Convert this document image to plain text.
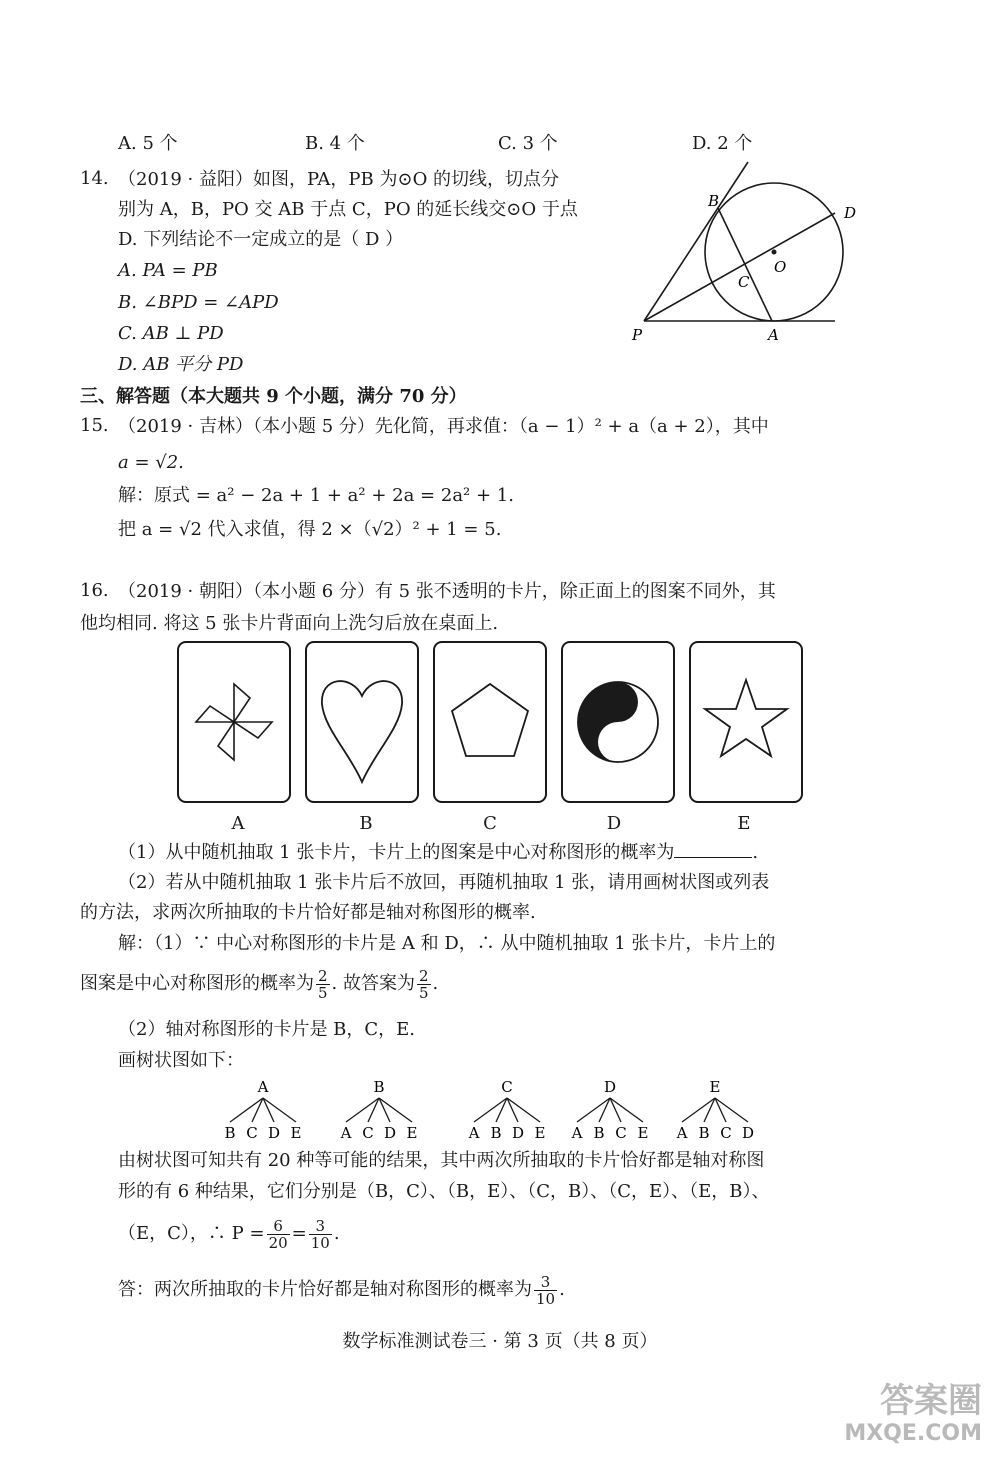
A. 5 个	B. 4 个	C. 3 个	D. 2 个
14. （2019 · 益阳）如图，PA，PB 为⊙O 的切线，切点分
别为 A，B，PO 交 AB 于点 C，PO 的延长线交⊙O 于点
D. 下列结论不一定成立的是（ D ）
A. PA = PB
B. ∠BPD = ∠APD
C. AB ⊥ PD
D. AB 平分 PD
B
D
O
C
P	A
三、解答题（本大题共 9 个小题，满分 70 分）
15. （2019 · 吉林）（本小题 5 分）先化简，再求值：（a − 1）² + a（a + 2），其中
a = √2.
解：原式 = a² − 2a + 1 + a² + 2a = 2a² + 1.
把 a = √2 代入求值，得 2 ×（√2）² + 1 = 5.
16. （2019 · 朝阳）（本小题 6 分）有 5 张不透明的卡片，除正面上的图案不同外，其
他均相同. 将这 5 张卡片背面向上洗匀后放在桌面上.
A	B	C	D	E
（1）从中随机抽取 1 张卡片，卡片上的图案是中心对称图形的概率为	.
（2）若从中随机抽取 1 张卡片后不放回，再随机抽取 1 张，请用画树状图或列表
的方法，求两次所抽取的卡片恰好都是轴对称图形的概率.
解：（1）∵ 中心对称图形的卡片是 A 和 D，∴ 从中随机抽取 1 张卡片，卡片上的
图案是中心对称图形的概率为 $\frac{2}{5}$ . 故答案为 $\frac{2}{5}$ .
（2）轴对称图形的卡片是 B，C，E.
画树状图如下：
A
B C D E
B
A C D E
C
A B D E
D
A B C E
E
A B C D
由树状图可知共有 20 种等可能的结果，其中两次所抽取的卡片恰好都是轴对称图
形的有 6 种结果，它们分别是（B，C）、（B，E）、（C，B）、（C，E）、（E，B）、
（E，C），∴ $P = \frac{6}{20} = \frac{3}{10}$ .
答：两次所抽取的卡片恰好都是轴对称图形的概率为 $\frac{3}{10}$ .
数学标准测试卷三 · 第 3 页（共 8 页）
答案圈
MXQE.COM
